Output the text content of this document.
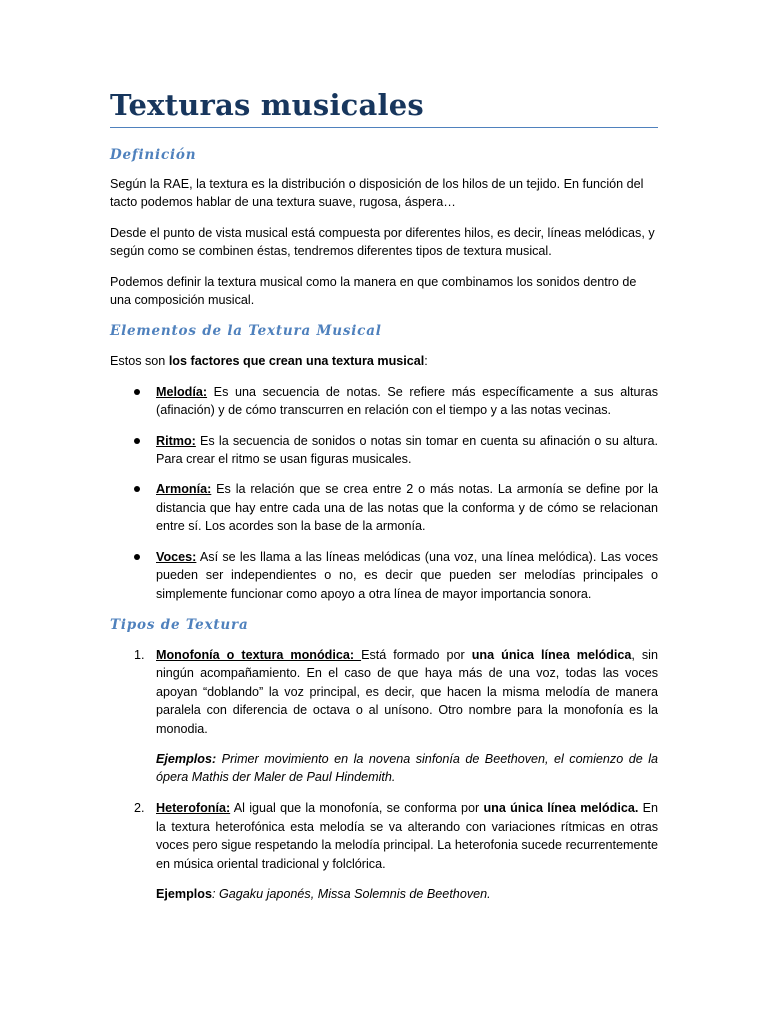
Texturas musicales
Definición

Según la RAE, la textura es la distribución o disposición de los hilos de un tejido. En función del tacto podemos hablar de una textura suave, rugosa, áspera…

Desde el punto de vista musical está compuesta por diferentes hilos, es decir, líneas melódicas, y según como se combinen éstas, tendremos diferentes tipos de textura musical.

Podemos definir la textura musical como la manera en que combinamos los sonidos dentro de una composición musical.

Elementos de la Textura Musical

Estos son los factores que crean una textura musical:

Melodía: Es una secuencia de notas. Se refiere más específicamente a sus alturas (afinación) y de cómo transcurren en relación con el tiempo y a las notas vecinas.
Ritmo: Es la secuencia de sonidos o notas sin tomar en cuenta su afinación o su altura. Para crear el ritmo se usan figuras musicales.
Armonía: Es la relación que se crea entre 2 o más notas. La armonía se define por la distancia que hay entre cada una de las notas que la conforma y de cómo se relacionan entre sí. Los acordes son la base de la armonía.
Voces: Así se les llama a las líneas melódicas (una voz, una línea melódica). Las voces pueden ser independientes o no, es decir que pueden ser melodías principales o simplemente funcionar como apoyo a otra línea de mayor importancia sonora.
Tipos de Textura
1. Monofonía o textura monódica: Está formado por una única línea melódica, sin ningún acompañamiento. En el caso de que haya más de una voz, todas las voces apoyan “doblando” la voz principal, es decir, que hacen la misma melodía de manera paralela con diferencia de octava o al unísono. Otro nombre para la monofonía es la monodia.

Ejemplos: Primer movimiento en la novena sinfonía de Beethoven, el comienzo de la ópera Mathis der Maler de Paul Hindemith.

2. Heterofonía: Al igual que la monofonía, se conforma por una única línea melódica. En la textura heterofónica esta melodía se va alterando con variaciones rítmicas en otras voces pero sigue respetando la melodía principal. La heterofonia sucede recurrentemente en música oriental tradicional y folclórica.

Ejemplos: Gagaku japonés, Missa Solemnis de Beethoven.
